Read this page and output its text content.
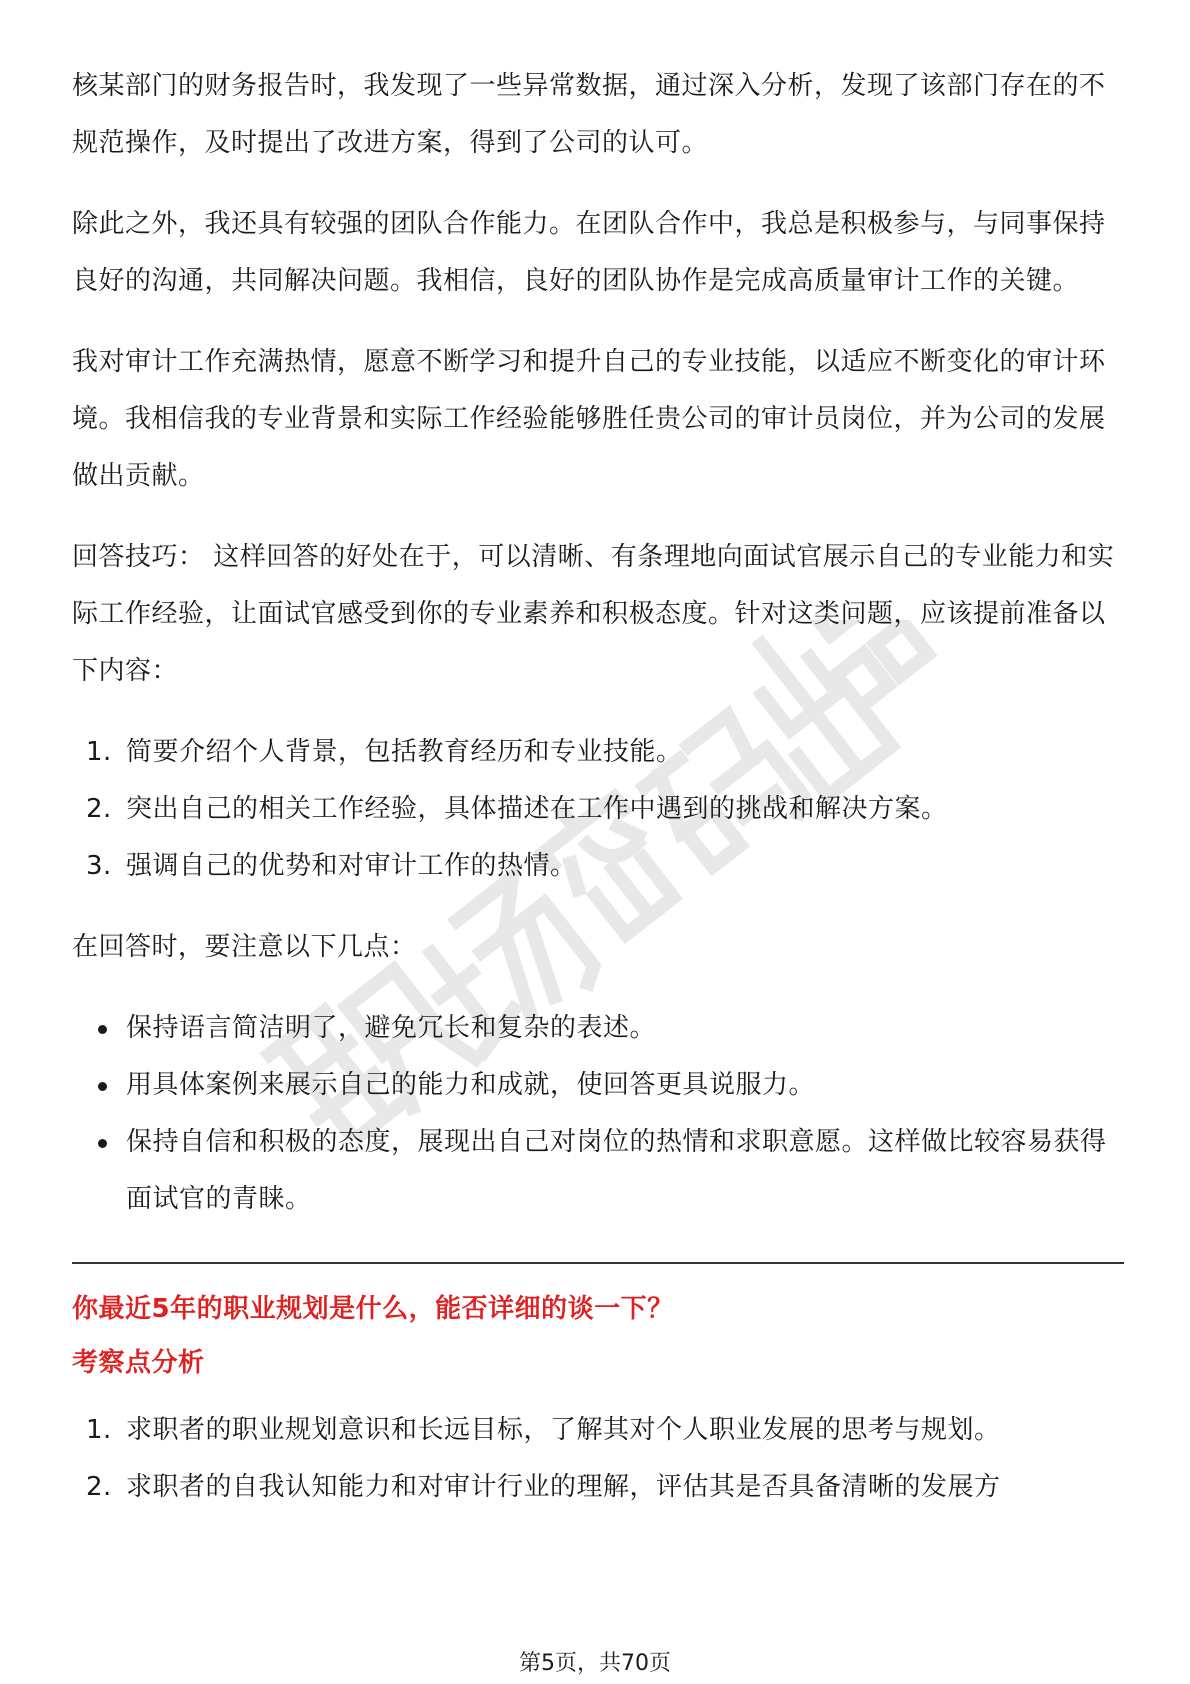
核某部门的财务报告时，我发现了一些异常数据，通过深入分析，发现了该部门存在的不规范操作，及时提出了改进方案，得到了公司的认可。

除此之外，我还具有较强的团队合作能力。在团队合作中，我总是积极参与，与同事保持良好的沟通，共同解决问题。我相信，良好的团队协作是完成高质量审计工作的关键。

我对审计工作充满热情，愿意不断学习和提升自己的专业技能，以适应不断变化的审计环境。我相信我的专业背景和实际工作经验能够胜任贵公司的审计员岗位，并为公司的发展做出贡献。

回答技巧： 这样回答的好处在于，可以清晰、有条理地向面试官展示自己的专业能力和实际工作经验，让面试官感受到你的专业素养和积极态度。针对这类问题，应该提前准备以下内容：

1. 简要介绍个人背景，包括教育经历和专业技能。
2. 突出自己的相关工作经验，具体描述在工作中遇到的挑战和解决方案。
3. 强调自己的优势和对审计工作的热情。

在回答时，要注意以下几点：

保持语言简洁明了，避免冗长和复杂的表述。
用具体案例来展示自己的能力和成就，使回答更具说服力。
保持自信和积极的态度，展现出自己对岗位的热情和求职意愿。这样做比较容易获得面试官的青睐。
你最近5年的职业规划是什么，能否详细的谈一下？
考察点分析
1. 求职者的职业规划意识和长远目标，了解其对个人职业发展的思考与规划。
2. 求职者的自我认知能力和对审计行业的理解，评估其是否具备清晰的发展方
第5页，共70页
